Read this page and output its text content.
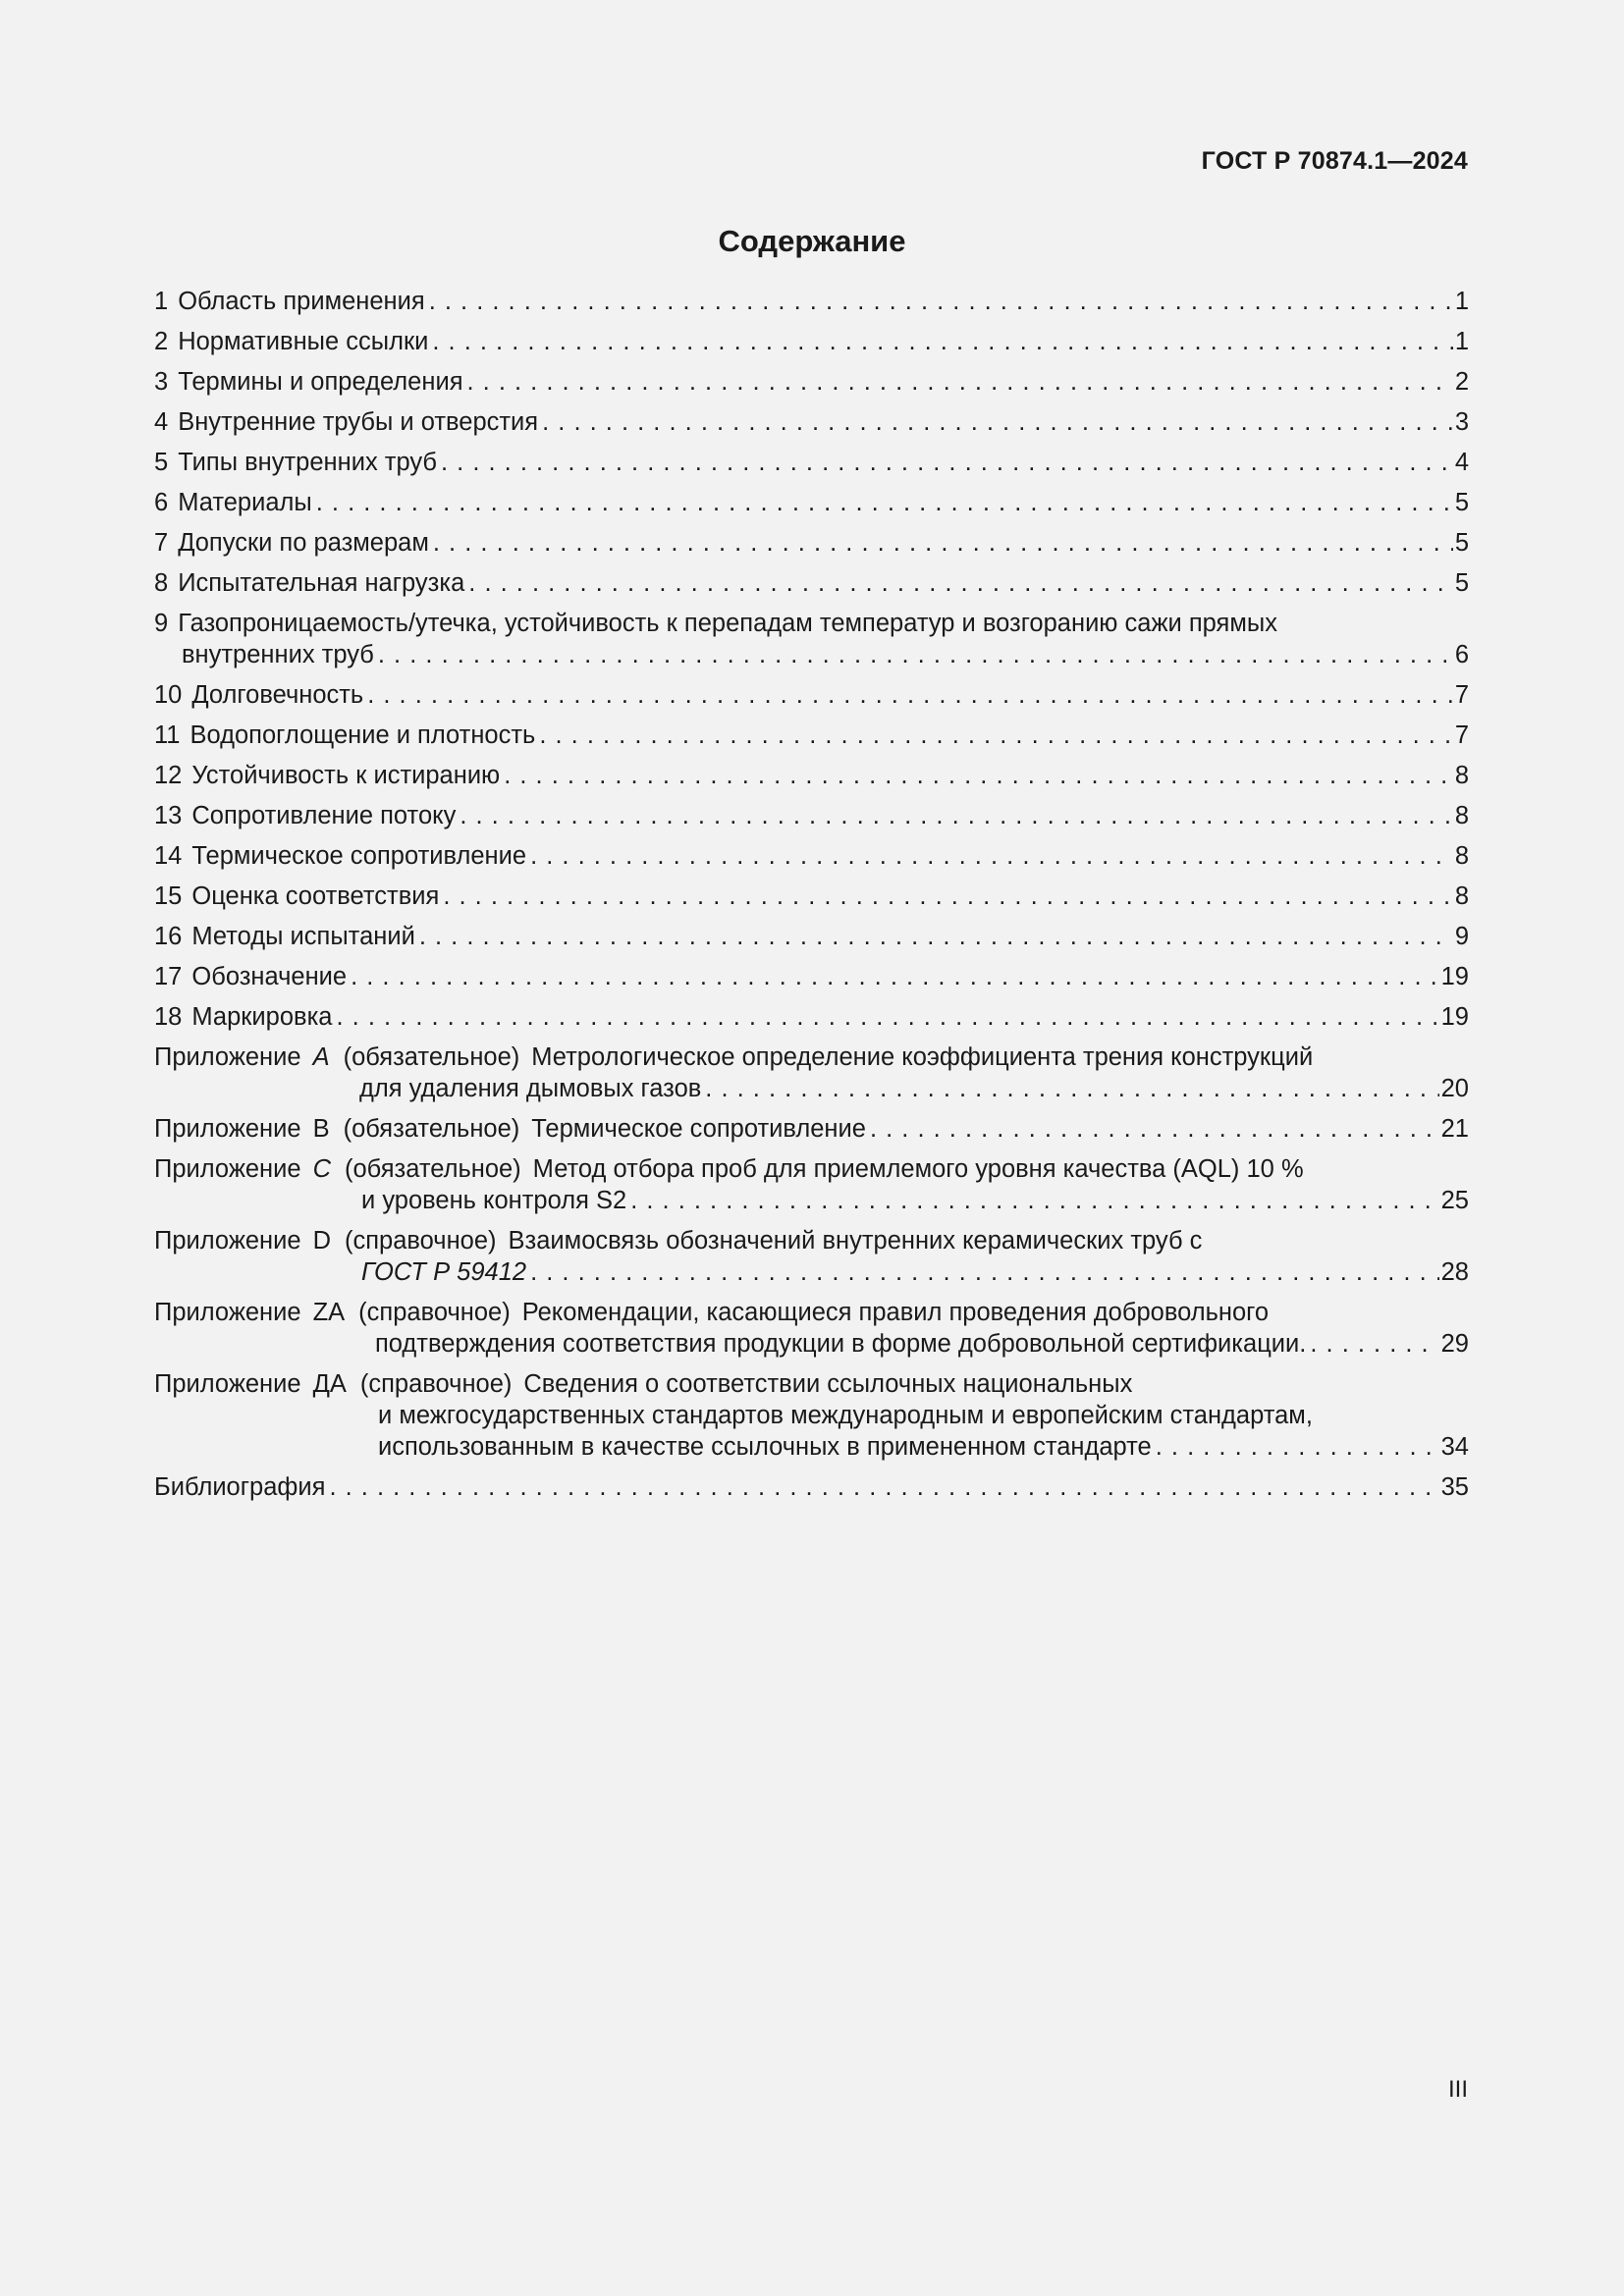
ГОСТ Р 70874.1—2024
Содержание
1 Область применения . . .	1
2 Нормативные ссылки . . .	1
3 Термины и определения . . .	2
4 Внутренние трубы и отверстия . . .	3
5 Типы внутренних труб . . .	4
6 Материалы . . .	5
7 Допуски по размерам . . .	5
8 Испытательная нагрузка . . .	5
9 Газопроницаемость/утечка, устойчивость к перепадам температур и возгоранию сажи прямых
внутренних труб . . .	6
10 Долговечность . . .	7
11 Водопоглощение и плотность . . .	7
12 Устойчивость к истиранию . . .	8
13 Сопротивление потоку . . .	8
14 Термическое сопротивление . . .	8
15 Оценка соответствия . . .	8
16 Методы испытаний . . .	9
17 Обозначение . . .	19
18 Маркировка . . .	19
Приложение A (обязательное) Метрологическое определение коэффициента трения конструкций
для удаления дымовых газов . . .	20
Приложение B (обязательное) Термическое сопротивление . . .	21
Приложение C (обязательное) Метод отбора проб для приемлемого уровня качества (AQL) 10 %
и уровень контроля S2 . . .	25
Приложение D (справочное) Взаимосвязь обозначений внутренних керамических труб с
ГОСТ Р 59412 . . .	28
Приложение ZA (справочное) Рекомендации, касающиеся правил проведения добровольного
подтверждения соответствия продукции в форме добровольной сертификации. . . .	29
Приложение ДА (справочное) Сведения о соответствии ссылочных национальных
и межгосударственных стандартов международным и европейским стандартам,
использованным в качестве ссылочных в примененном стандарте . . .	34
Библиография . . .	35
III
